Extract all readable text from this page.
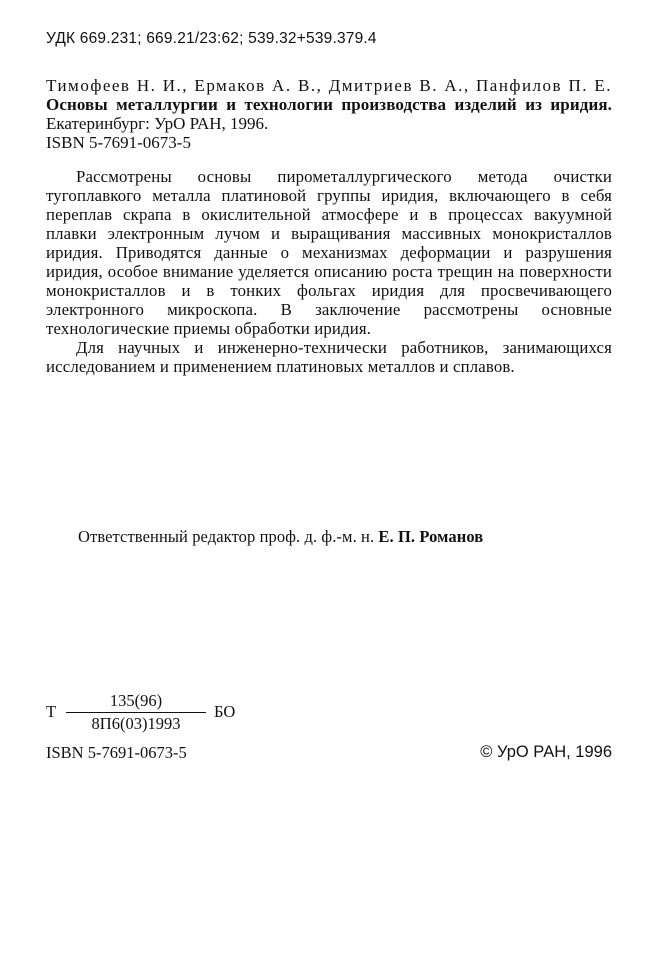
УДК 669.231; 669.21/23:62; 539.32+539.379.4

Тимофеев Н. И., Ермаков А. В., Дмитриев В. А., Панфилов П. Е. Основы металлургии и технологии производства изделий из иридия. Екатеринбург: УрО РАН, 1996.
ISBN 5-7691-0673-5

Рассмотрены основы пирометаллургического метода очистки тугоплавкого металла платиновой группы иридия, включающего в себя переплав скрапа в окислительной атмосфере и в процессах вакуумной плавки электронным лучом и выращивания массивных монокристаллов иридия. Приводятся данные о механизмах деформации и разрушения иридия, особое внимание уделяется описанию роста трещин на поверхности монокристаллов и в тонких фольгах иридия для просвечивающего электронного микроскопа. В заключение рассмотрены основные технологические приемы обработки иридия.

Для научных и инженерно-технически работников, занимающихся исследованием и применением платиновых металлов и сплавов.

Ответственный редактор проф. д. ф.-м. н. Е. П. Романов
Т
135(96)
8П6(03)1993
БО
ISBN 5-7691-0673-5	© УрО РАН, 1996
